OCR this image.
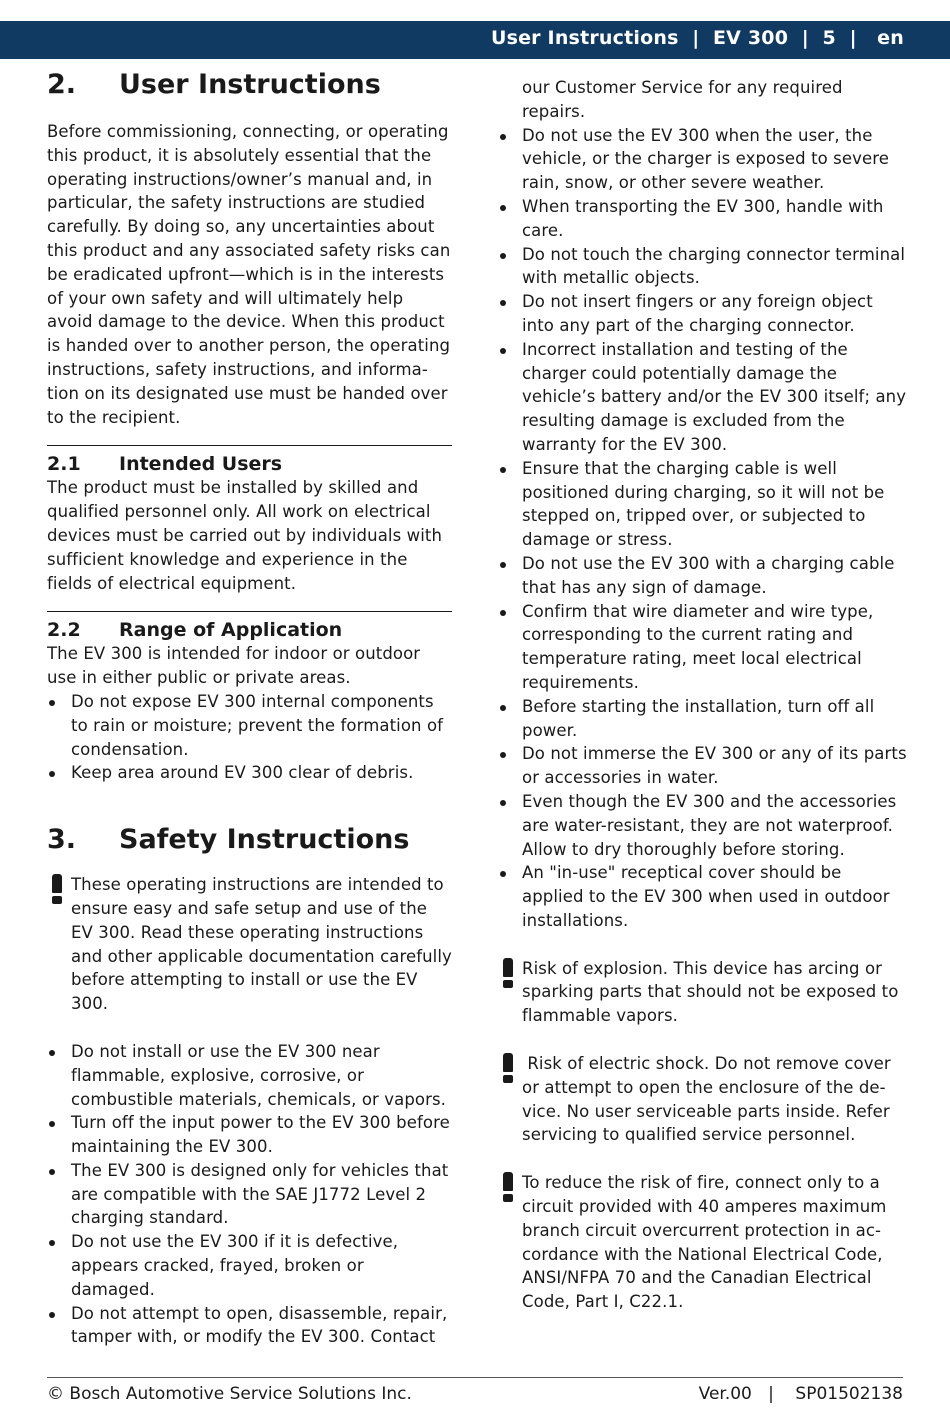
User Instructions  |  EV 300  |  5  |   en
2.	User Instructions

Before commissioning, connecting, or operating this product, it is absolutely essential that the operating instructions/owner’s manual and, in particular, the safety instructions are studied carefully. By doing so, any uncertainties about this product and any associated safety risks can be eradicated upfront—which is in the interests of your own safety and will ultimately help avoid damage to the device. When this product is handed over to another person, the operating instructions, safety instructions, and informa-tion on its designated use must be handed over to the recipient.

2.1	Intended Users

The product must be installed by skilled and qualified personnel only. All work on electrical devices must be carried out by individuals with sufficient knowledge and experience in the fields of electrical equipment.

2.2	Range of Application

The EV 300 is intended for indoor or outdoor use in either public or private areas.

Do not expose EV 300 internal components to rain or moisture; prevent the formation of condensation.
Keep area around EV 300 clear of debris.
3.	Safety Instructions
These operating instructions are intended to ensure easy and safe setup and use of the EV 300. Read these operating instructions and other applicable documentation carefully before attempting to install or use the EV 300.
Do not install or use the EV 300 near flammable, explosive, corrosive, or combustible materials, chemicals, or vapors.
Turn off the input power to the EV 300 before maintaining the EV 300.
The EV 300 is designed only for vehicles that are compatible with the SAE J1772 Level 2 charging standard.
Do not use the EV 300 if it is defective, appears cracked, frayed, broken or damaged.
Do not attempt to open, disassemble, repair, tamper with, or modify the EV 300. Contact

our Customer Service for any required repairs.

Do not use the EV 300 when the user, the vehicle, or the charger is exposed to severe rain, snow, or other severe weather.
When transporting the EV 300, handle with care.
Do not touch the charging connector terminal with metallic objects.
Do not insert fingers or any foreign object into any part of the charging connector.
Incorrect installation and testing of the charger could potentially damage the vehicle’s battery and/or the EV 300 itself; any resulting damage is excluded from the warranty for the EV 300.
Ensure that the charging cable is well positioned during charging, so it will not be stepped on, tripped over, or subjected to damage or stress.
Do not use the EV 300 with a charging cable that has any sign of damage.
Confirm that wire diameter and wire type, corresponding to the current rating and temperature rating, meet local electrical requirements.
Before starting the installation, turn off all power.
Do not immerse the EV 300 or any of its parts or accessories in water.
Even though the EV 300 and the accessories are water-resistant, they are not waterproof. Allow to dry thoroughly before storing.
An "in-use" receptical cover should be applied to the EV 300 when used in outdoor installations.
Risk of explosion. This device has arcing or sparking parts that should not be exposed to flammable vapors.
Risk of electric shock. Do not remove cover or attempt to open the enclosure of the de-vice. No user serviceable parts inside. Refer servicing to qualified service personnel.
To reduce the risk of fire, connect only to a circuit provided with 40 amperes maximum branch circuit overcurrent protection in ac-cordance with the National Electrical Code, ANSI/NFPA 70 and the Canadian Electrical Code, Part I, C22.1.
© Bosch Automotive Service Solutions Inc.	Ver.00   |    SP01502138
